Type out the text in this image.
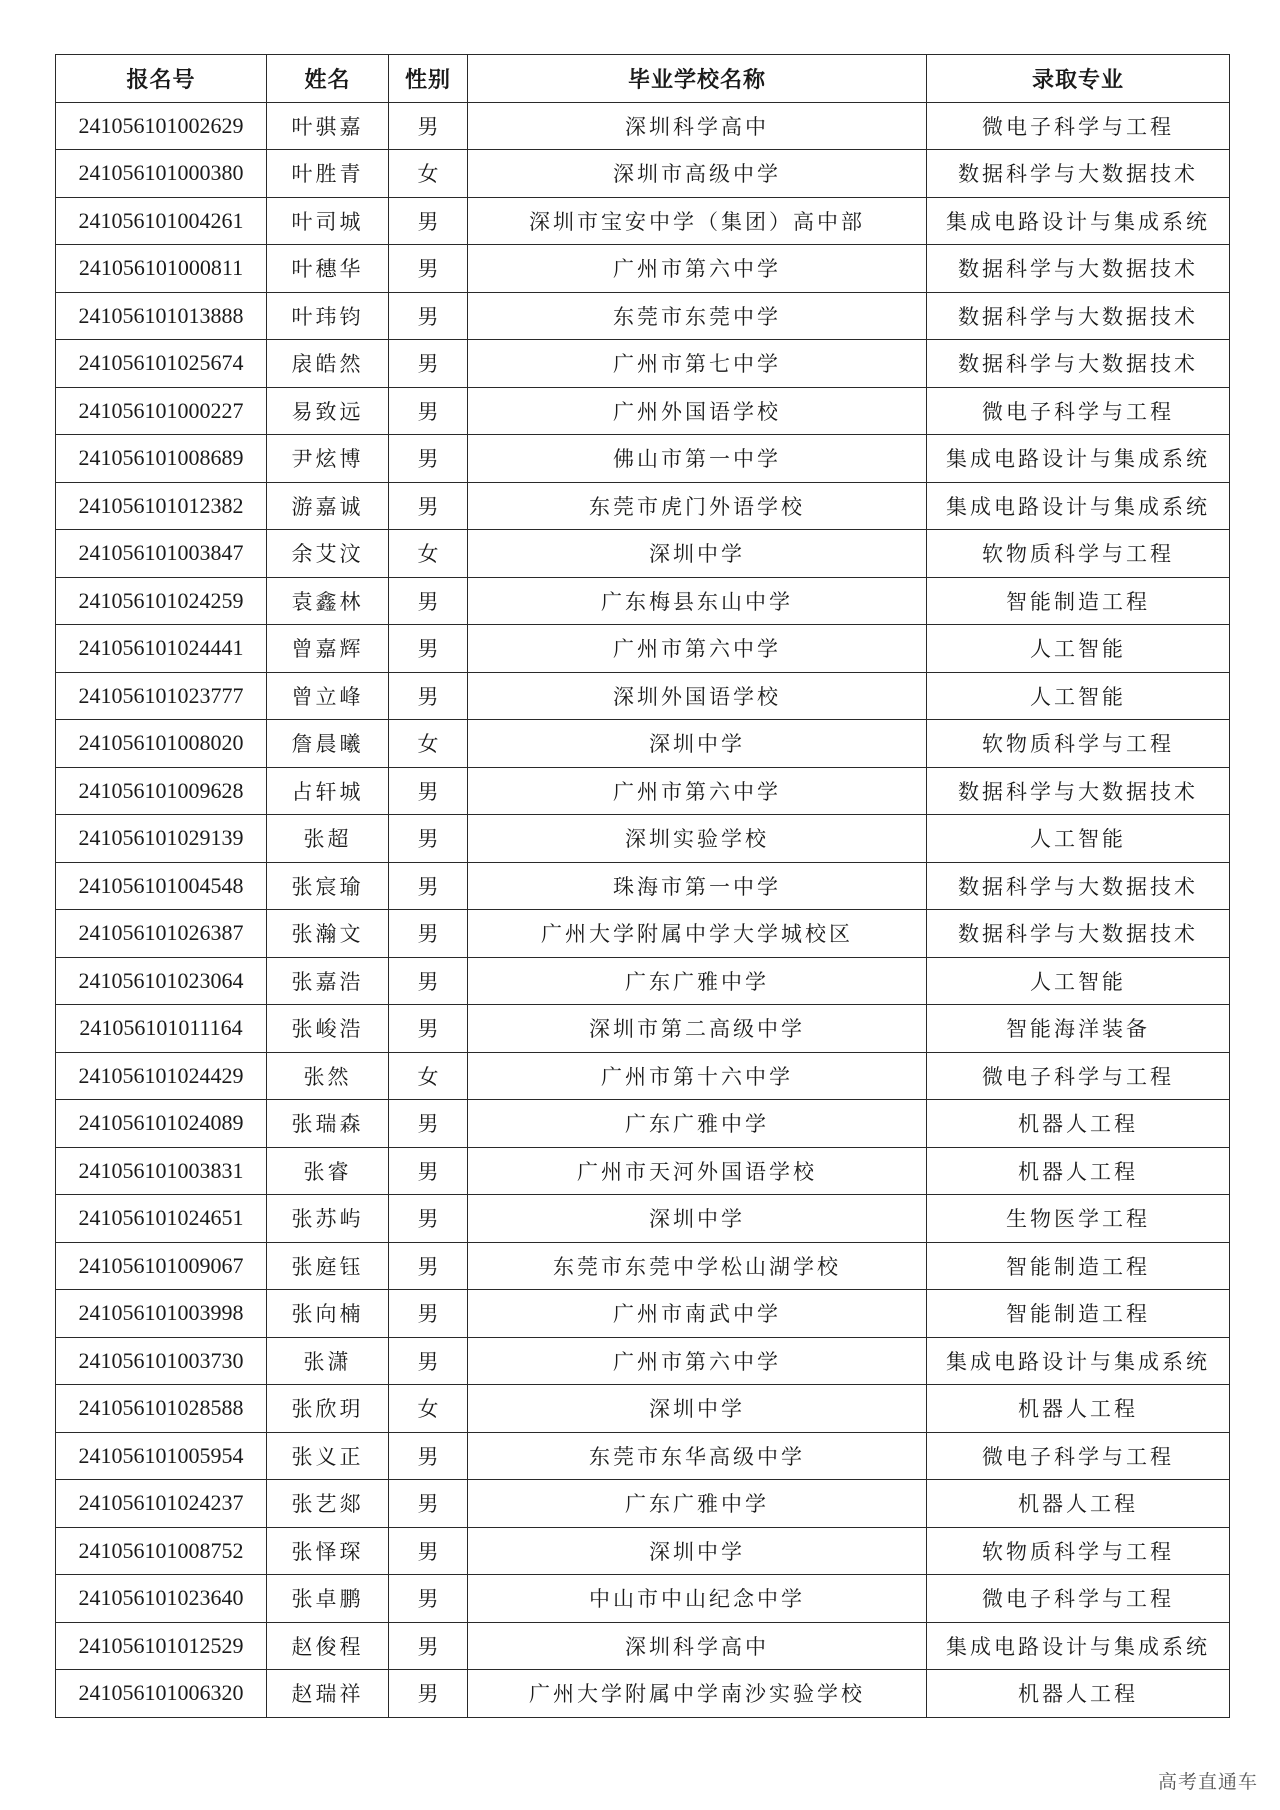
报名号	姓名	性别	毕业学校名称	录取专业
241056101002629	叶骐嘉	男	深圳科学高中	微电子科学与工程
241056101000380	叶胜青	女	深圳市高级中学	数据科学与大数据技术
241056101004261	叶司城	男	深圳市宝安中学（集团）高中部	集成电路设计与集成系统
241056101000811	叶穗华	男	广州市第六中学	数据科学与大数据技术
241056101013888	叶玮钧	男	东莞市东莞中学	数据科学与大数据技术
241056101025674	扆皓然	男	广州市第七中学	数据科学与大数据技术
241056101000227	易致远	男	广州外国语学校	微电子科学与工程
241056101008689	尹炫博	男	佛山市第一中学	集成电路设计与集成系统
241056101012382	游嘉诚	男	东莞市虎门外语学校	集成电路设计与集成系统
241056101003847	余艾汶	女	深圳中学	软物质科学与工程
241056101024259	袁鑫林	男	广东梅县东山中学	智能制造工程
241056101024441	曾嘉辉	男	广州市第六中学	人工智能
241056101023777	曾立峰	男	深圳外国语学校	人工智能
241056101008020	詹晨曦	女	深圳中学	软物质科学与工程
241056101009628	占轩城	男	广州市第六中学	数据科学与大数据技术
241056101029139	张超	男	深圳实验学校	人工智能
241056101004548	张宸瑜	男	珠海市第一中学	数据科学与大数据技术
241056101026387	张瀚文	男	广州大学附属中学大学城校区	数据科学与大数据技术
241056101023064	张嘉浩	男	广东广雅中学	人工智能
241056101011164	张峻浩	男	深圳市第二高级中学	智能海洋装备
241056101024429	张然	女	广州市第十六中学	微电子科学与工程
241056101024089	张瑞森	男	广东广雅中学	机器人工程
241056101003831	张睿	男	广州市天河外国语学校	机器人工程
241056101024651	张苏屿	男	深圳中学	生物医学工程
241056101009067	张庭钰	男	东莞市东莞中学松山湖学校	智能制造工程
241056101003998	张向楠	男	广州市南武中学	智能制造工程
241056101003730	张潇	男	广州市第六中学	集成电路设计与集成系统
241056101028588	张欣玥	女	深圳中学	机器人工程
241056101005954	张义正	男	东莞市东华高级中学	微电子科学与工程
241056101024237	张艺郯	男	广东广雅中学	机器人工程
241056101008752	张怿琛	男	深圳中学	软物质科学与工程
241056101023640	张卓鹏	男	中山市中山纪念中学	微电子科学与工程
241056101012529	赵俊程	男	深圳科学高中	集成电路设计与集成系统
241056101006320	赵瑞祥	男	广州大学附属中学南沙实验学校	机器人工程
高考直通车
